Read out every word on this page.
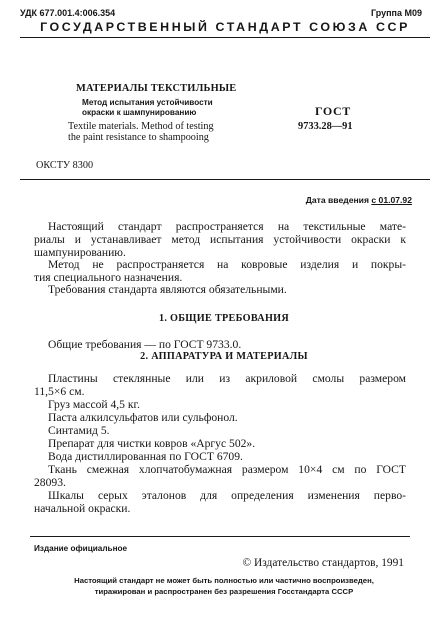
УДК 677.001.4:006.354	Группа М09
ГОСУДАРСТВЕННЫЙ СТАНДАРТ СОЮЗА ССР
МАТЕРИАЛЫ ТЕКСТИЛЬНЫЕ
Метод испытания устойчивости
окраски к шампунированию
Textile materials. Method of testing
the paint resistance to shampooing
ГОСТ
9733.28—91
ОКСТУ 8300
Дата введения с 01.07.92
Настоящий стандарт распространяется на текстильные мате-
риалы и устанавливает метод испытания устойчивости окраски к
шампунированию.
Метод не распространяется на ковровые изделия и покры-
тия специального назначения.
Требования стандарта являются обязательными.
1. ОБЩИЕ ТРЕБОВАНИЯ
Общие требования — по ГОСТ 9733.0.
2. АППАРАТУРА И МАТЕРИАЛЫ
Пластины стеклянные или из акриловой смолы размером
11,5×6 см.
Груз массой 4,5 кг.
Паста алкилсульфатов или сульфонол.
Синтамид 5.
Препарат для чистки ковров «Аргус 502».
Вода дистиллированная по ГОСТ 6709.
Ткань смежная хлопчатобумажная размером 10×4 см по ГОСТ
28093.
Шкалы серых эталонов для определения изменения перво-
начальной окраски.
Издание официальное
© Издательство стандартов, 1991
Настоящий стандарт не может быть полностью или частично воспроизведен,
тиражирован и распространен без разрешения Госстандарта СССР
